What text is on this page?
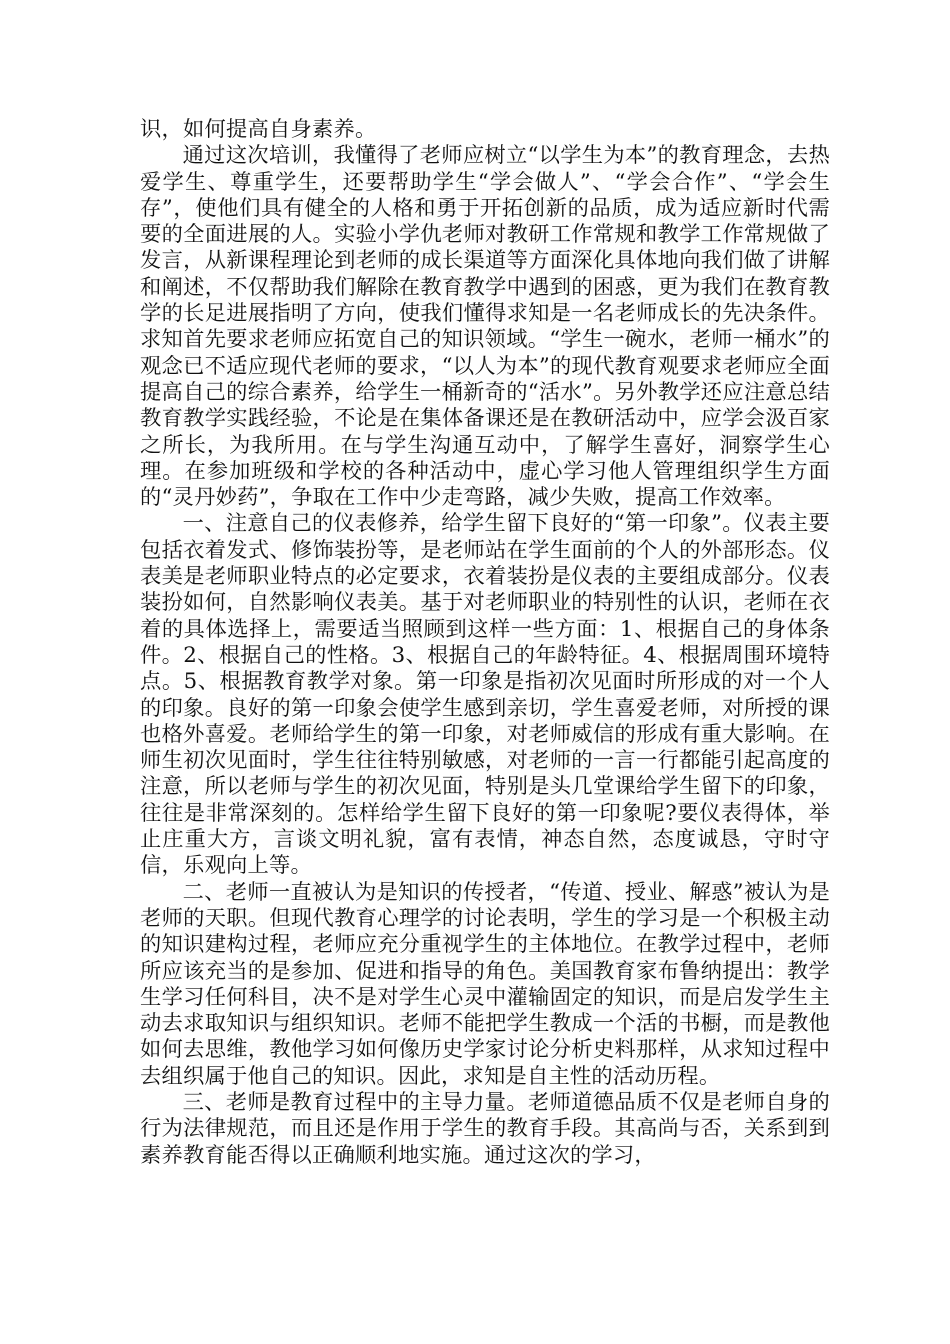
识，如何提高自身素养。

通过这次培训，我懂得了老师应树立“以学生为本”的教育理念，去热爱学生、尊重学生，还要帮助学生“学会做人”、“学会合作”、“学会生存”，使他们具有健全的人格和勇于开拓创新的品质，成为适应新时代需要的全面进展的人。实验小学仇老师对教研工作常规和教学工作常规做了发言，从新课程理论到老师的成长渠道等方面深化具体地向我们做了讲解和阐述，不仅帮助我们解除在教育教学中遇到的困惑，更为我们在教育教学的长足进展指明了方向，使我们懂得求知是一名老师成长的先决条件。求知首先要求老师应拓宽自己的知识领域。“学生一碗水，老师一桶水”的观念已不适应现代老师的要求，“以人为本”的现代教育观要求老师应全面提高自己的综合素养，给学生一桶新奇的“活水”。另外教学还应注意总结教育教学实践经验，不论是在集体备课还是在教研活动中，应学会汲百家之所长，为我所用。在与学生沟通互动中，了解学生喜好，洞察学生心理。在参加班级和学校的各种活动中，虚心学习他人管理组织学生方面的“灵丹妙药”，争取在工作中少走弯路，减少失败，提高工作效率。

一、注意自己的仪表修养，给学生留下良好的“第一印象”。仪表主要包括衣着发式、修饰装扮等，是老师站在学生面前的个人的外部形态。仪表美是老师职业特点的必定要求，衣着装扮是仪表的主要组成部分。仪表装扮如何，自然影响仪表美。基于对老师职业的特别性的认识，老师在衣着的具体选择上，需要适当照顾到这样一些方面：1、根据自己的身体条件。2、根据自己的性格。3、根据自己的年龄特征。4、根据周围环境特点。5、根据教育教学对象。第一印象是指初次见面时所形成的对一个人的印象。良好的第一印象会使学生感到亲切，学生喜爱老师，对所授的课也格外喜爱。老师给学生的第一印象，对老师威信的形成有重大影响。在师生初次见面时，学生往往特别敏感，对老师的一言一行都能引起高度的注意，所以老师与学生的初次见面，特别是头几堂课给学生留下的印象，往往是非常深刻的。怎样给学生留下良好的第一印象呢?要仪表得体，举止庄重大方，言谈文明礼貌，富有表情，神态自然，态度诚恳，守时守信，乐观向上等。

二、老师一直被认为是知识的传授者，“传道、授业、解惑”被认为是老师的天职。但现代教育心理学的讨论表明，学生的学习是一个积极主动的知识建构过程，老师应充分重视学生的主体地位。在教学过程中，老师所应该充当的是参加、促进和指导的角色。美国教育家布鲁纳提出：教学生学习任何科目，决不是对学生心灵中灌输固定的知识，而是启发学生主动去求取知识与组织知识。老师不能把学生教成一个活的书橱，而是教他如何去思维，教他学习如何像历史学家讨论分析史料那样，从求知过程中去组织属于他自己的知识。因此，求知是自主性的活动历程。

三、老师是教育过程中的主导力量。老师道德品质不仅是老师自身的行为法律规范，而且还是作用于学生的教育手段。其高尚与否，关系到到素养教育能否得以正确顺利地实施。通过这次的学习，
